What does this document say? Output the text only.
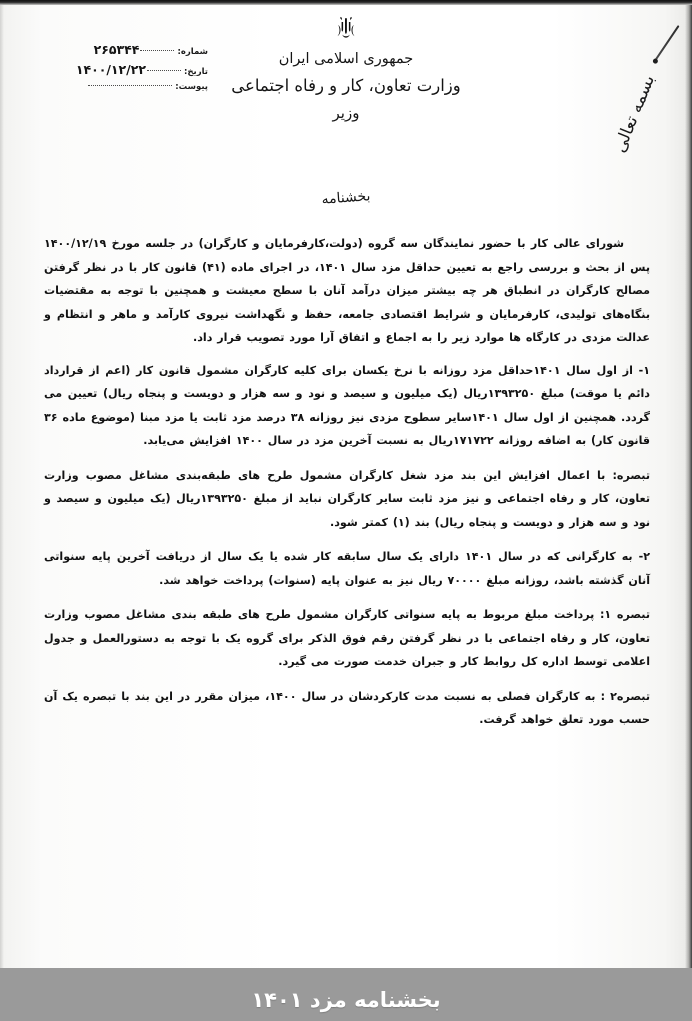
بسمه تعالی
جمهوری اسلامی ایران
وزارت تعاون، کار و رفاه اجتماعی
وزیر
شماره:
۲۶۵۳۴۴
تاریخ:
۱۴۰۰/۱۲/۲۲
پیوست:
بخشنامه

شورای عالی کار با حضور نمایندگان سه گروه (دولت،کارفرمایان و کارگران) در جلسه مورخ ۱۴۰۰/۱۲/۱۹ پس از بحث و بررسی راجع به تعیین حداقل مزد سال ۱۴۰۱، در اجرای ماده (۴۱) قانون کار با در نظر گرفتن مصالح کارگران در انطباق هر چه بیشتر میزان درآمد آنان با سطح معیشت و همچنین با توجه به مقتضیات بنگاه‌های تولیدی، کارفرمایان و شرایط اقتصادی جامعه، حفظ و نگهداشت نیروی کارآمد و ماهر و انتظام و عدالت مزدی در کارگاه ها موارد زیر را به اجماع و اتفاق آرا مورد تصویب قرار داد.

۱- از اول سال ۱۴۰۱حداقل مزد روزانه با نرخ یکسان برای کلیه کارگران مشمول قانون کار (اعم از قرارداد دائم یا موقت) مبلغ ۱۳۹۳۲۵۰ریال (یک میلیون و سیصد و نود و سه هزار و دویست و پنجاه ریال) تعیین می گردد. همچنین از اول سال ۱۴۰۱سایر سطوح مزدی نیز روزانه ۳۸ درصد مزد ثابت یا مزد مبنا (موضوع ماده ۳۶ قانون کار) به اضافه روزانه ۱۷۱۷۲۲ریال به نسبت آخرین مزد در سال ۱۴۰۰ افزایش می‌یابد.

تبصره: با اعمال افزایش این بند مزد شغل کارگران مشمول طرح های طبقه‌بندی مشاغل مصوب وزارت تعاون، کار و رفاه اجتماعی و نیز مزد ثابت سایر کارگران نباید از مبلغ ۱۳۹۳۲۵۰ریال (یک میلیون و سیصد و نود و سه هزار و دویست و پنجاه ریال) بند (۱) کمتر شود.

۲- به کارگرانی که در سال ۱۴۰۱ دارای یک سال سابقه کار شده یا یک سال از دریافت آخرین پایه سنواتی آنان گذشته باشد، روزانه مبلغ ۷۰۰۰۰ ریال نیز به عنوان پایه (سنوات) پرداخت خواهد شد.

تبصره ۱: پرداخت مبلغ مربوط به پایه سنواتی کارگران مشمول طرح های طبقه بندی مشاغل مصوب وزارت تعاون، کار و رفاه اجتماعی با در نظر گرفتن رقم فوق الذکر برای گروه یک با توجه به دستورالعمل و جدول اعلامی توسط اداره کل روابط کار و جبران خدمت صورت می گیرد.

تبصره۲ : به کارگران فصلی به نسبت مدت کارکردشان در سال ۱۴۰۰، میزان مقرر در این بند با تبصره یک آن حسب مورد تعلق خواهد گرفت.

بخشنامه مزد ۱۴۰۱
